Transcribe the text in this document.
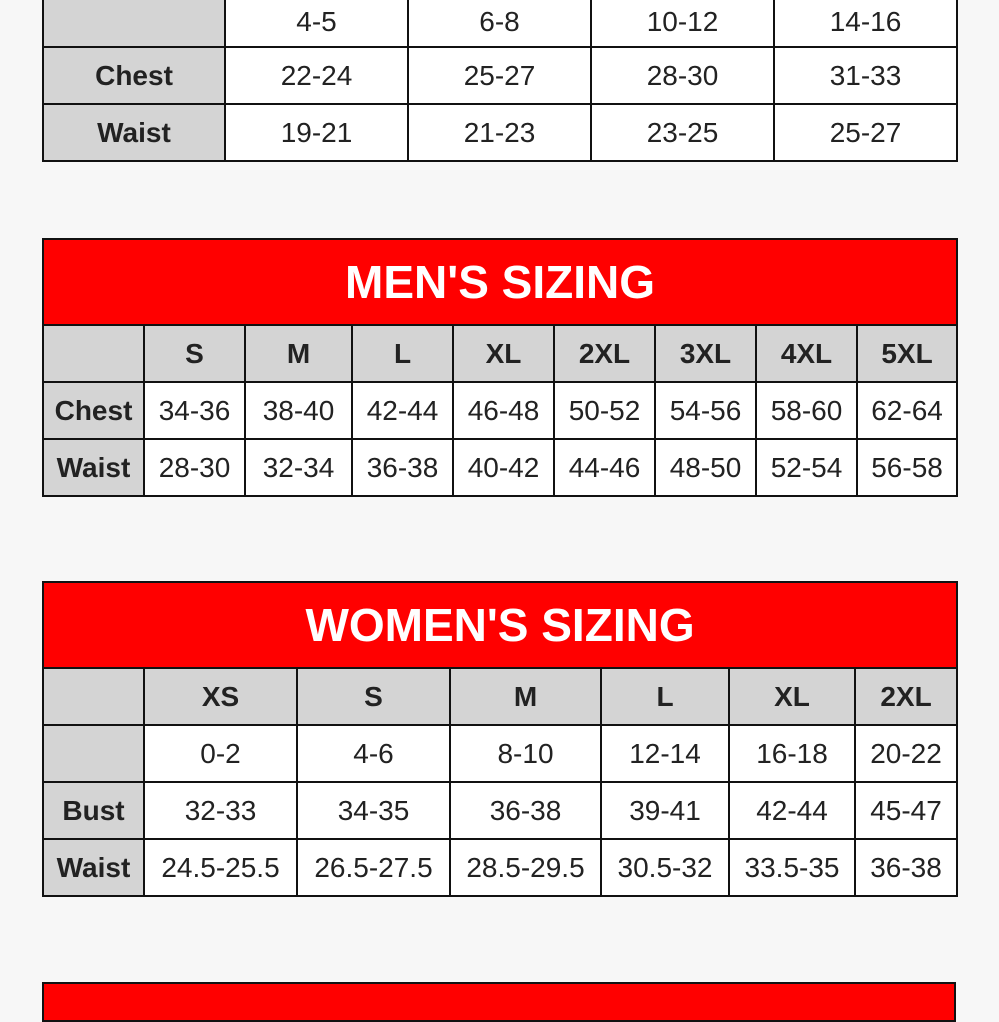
	4-5	6-8	10-12	14-16
Chest	22-24	25-27	28-30	31-33
Waist	19-21	21-23	23-25	25-27
MEN'S SIZING								
	S	M	L	XL	2XL	3XL	4XL	5XL
Chest	34-36	38-40	42-44	46-48	50-52	54-56	58-60	62-64
Waist	28-30	32-34	36-38	40-42	44-46	48-50	52-54	56-58
WOMEN'S SIZING						
	XS	S	M	L	XL	2XL
	0-2	4-6	8-10	12-14	16-18	20-22
Bust	32-33	34-35	36-38	39-41	42-44	45-47
Waist	24.5-25.5	26.5-27.5	28.5-29.5	30.5-32	33.5-35	36-38
